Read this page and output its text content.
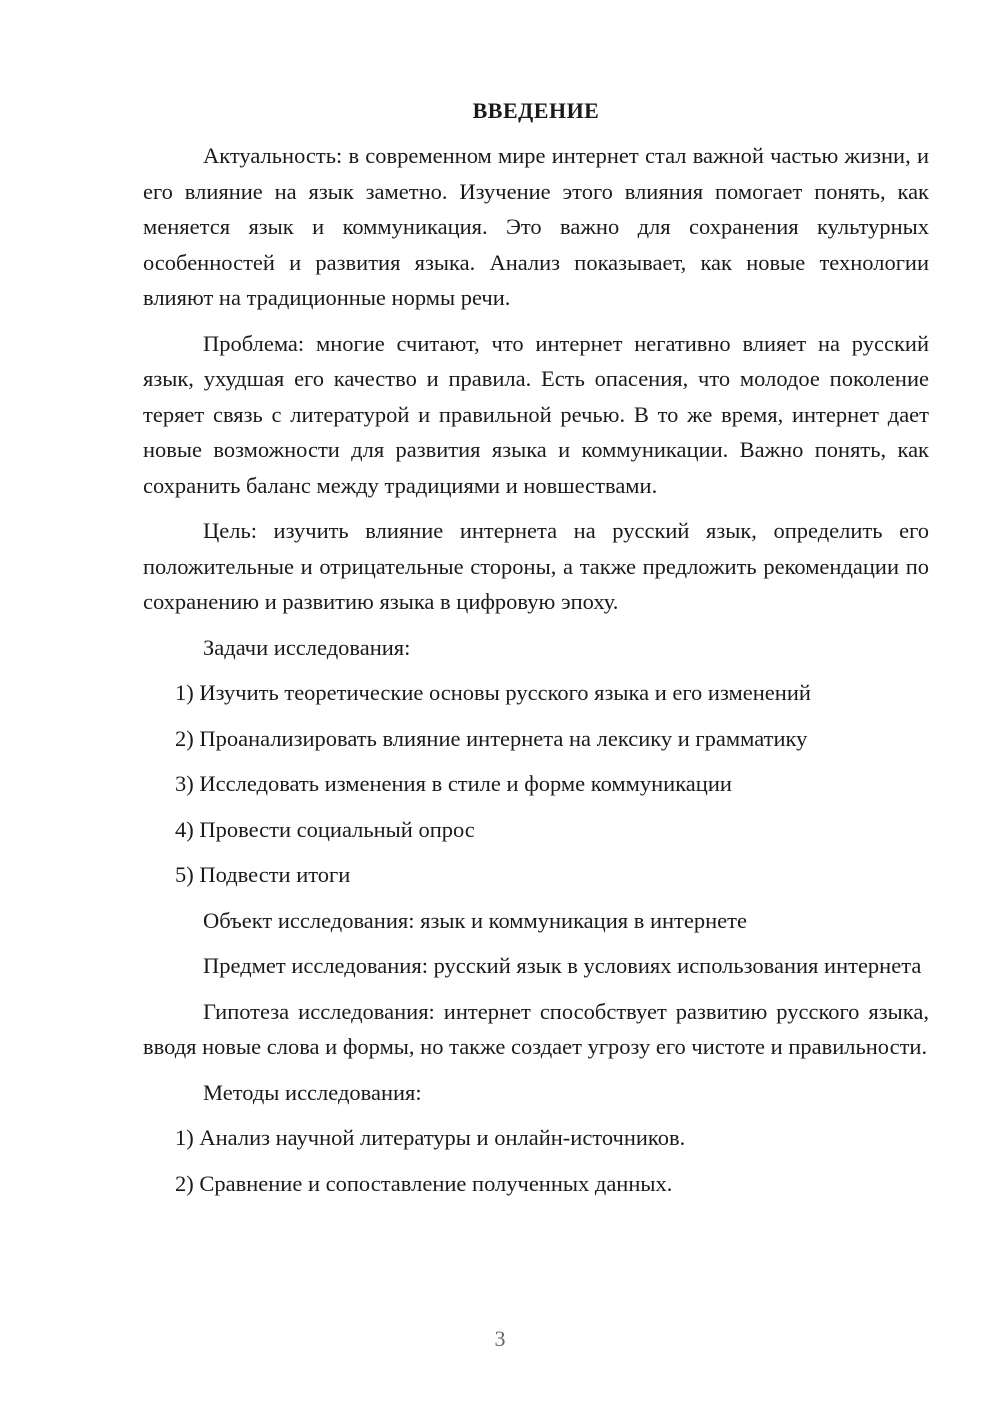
ВВЕДЕНИЕ

Актуальность: в современном мире интернет стал важной частью жизни, и его влияние на язык заметно. Изучение этого влияния помогает понять, как меняется язык и коммуникация. Это важно для сохранения культурных особенностей и развития языка. Анализ показывает, как новые технологии влияют на традиционные нормы речи.

Проблема: многие считают, что интернет негативно влияет на русский язык, ухудшая его качество и правила. Есть опасения, что молодое поколение теряет связь с литературой и правильной речью. В то же время, интернет дает новые возможности для развития языка и коммуникации. Важно понять, как сохранить баланс между традициями и новшествами.

Цель: изучить влияние интернета на русский язык, определить его положительные и отрицательные стороны, а также предложить рекомендации по сохранению и развитию языка в цифровую эпоху.

Задачи исследования:
1) Изучить теоретические основы русского языка и его изменений
2) Проанализировать влияние интернета на лексику и грамматику
3) Исследовать изменения в стиле и форме коммуникации
4) Провести социальный опрос
5) Подвести итоги
Объект исследования: язык и коммуникация в интернете

Предмет исследования: русский язык в условиях использования интернета

Гипотеза исследования: интернет способствует развитию русского языка, вводя новые слова и формы, но также создает угрозу его чистоте и правильности.

Методы исследования:
1) Анализ научной литературы и онлайн-источников.
2) Сравнение и сопоставление полученных данных.
3
